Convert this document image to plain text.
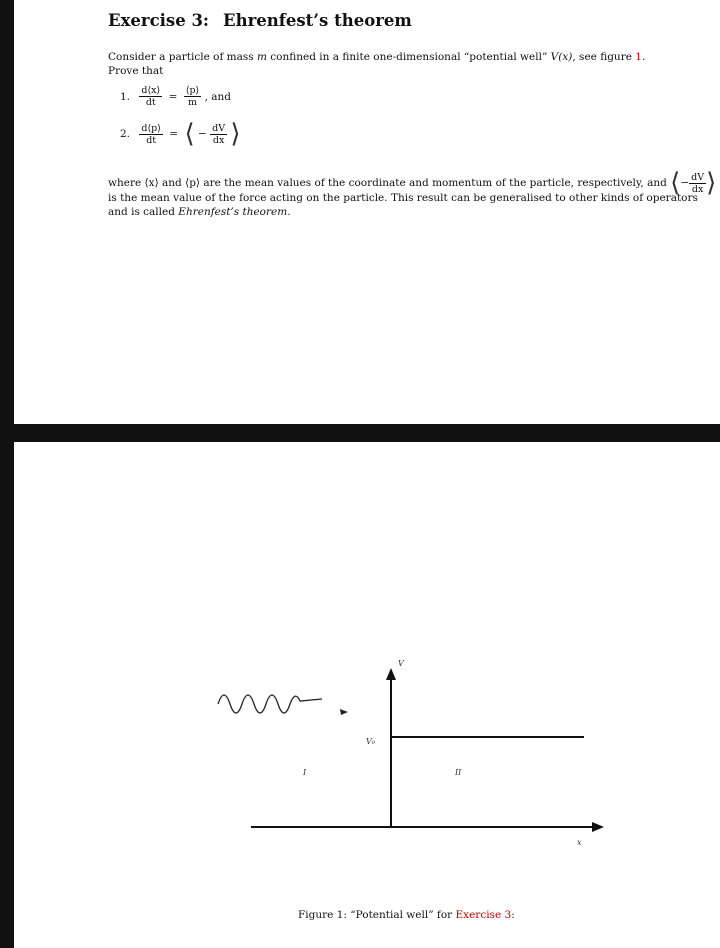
Exercise 3: Ehrenfest’s theorem
Consider a particle of mass m confined in a finite one-dimensional “potential well” V(x), see figure 1.
Prove that
1. $\frac{d⟨x⟩}{dt} = \frac{⟨p⟩}{m}$ , and
2. $\frac{d⟨p⟩}{dt}$ = ⟨ − $\frac{dV}{dx}$ ⟩
where ⟨x⟩ and ⟨p⟩ are the mean values of the coordinate and momentum of the particle, respectively, and ⟨− $\frac{dV}{dx}$ ⟩
is the mean value of the force acting on the particle. This result can be generalised to other kinds of operators
and is called Ehrenfest’s theorem.
V
V₀
I	II
x
Figure 1: “Potential well” for Exercise 3:
